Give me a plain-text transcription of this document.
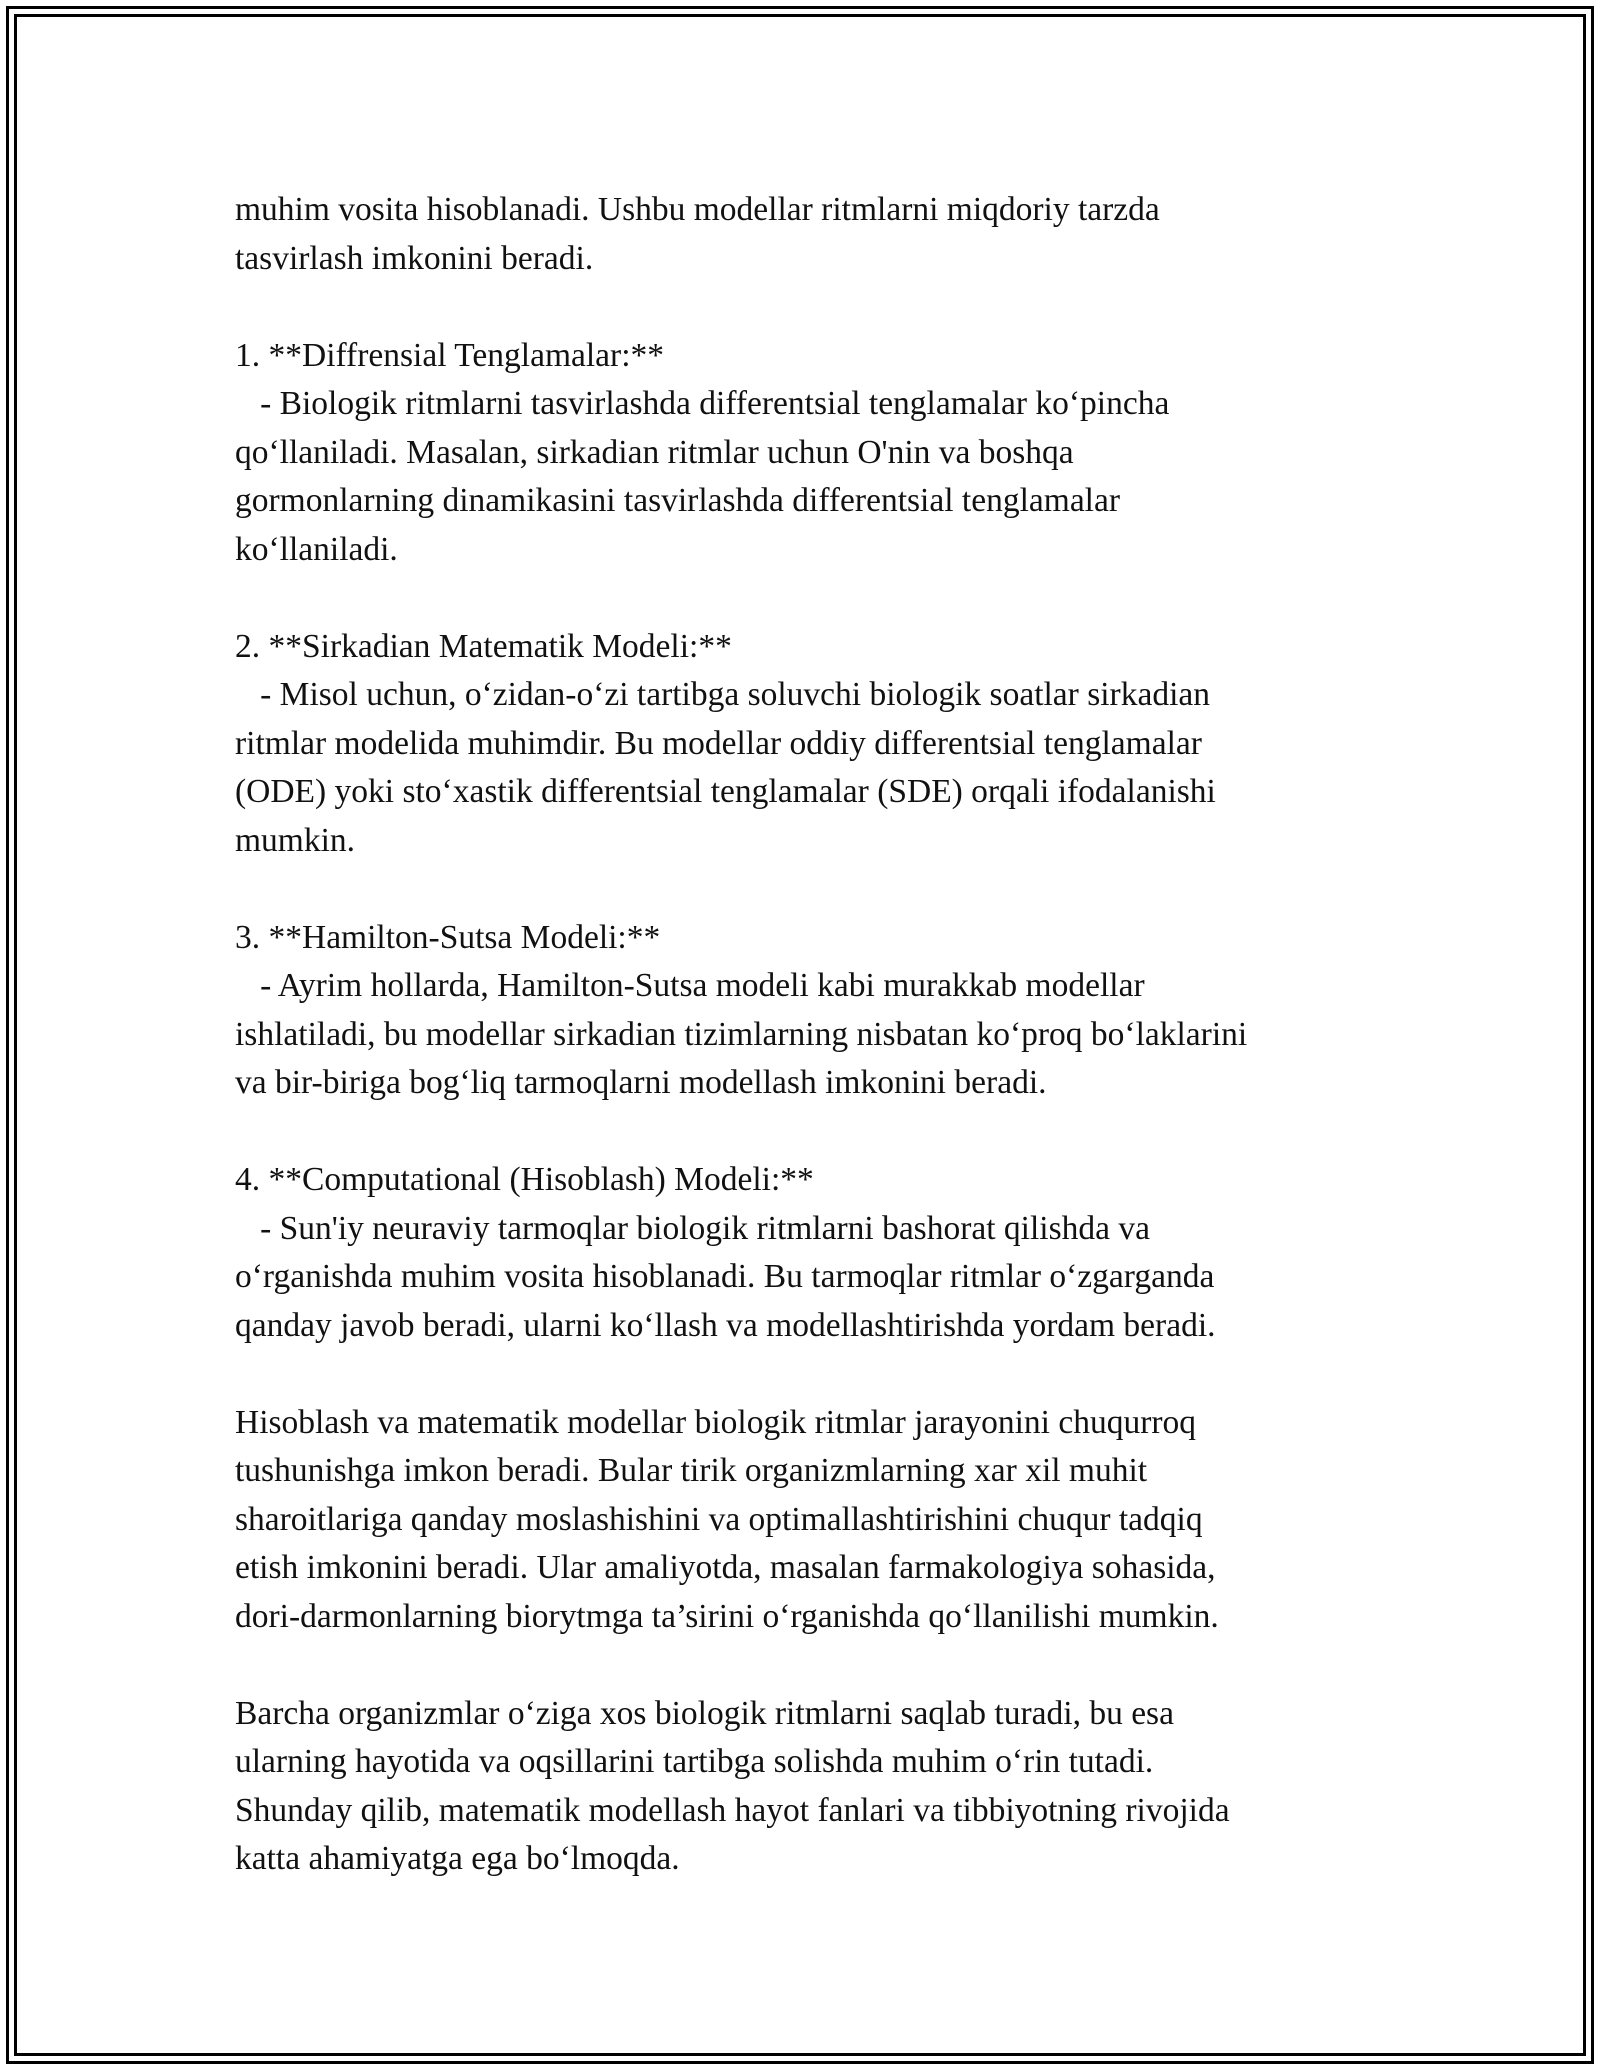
muhim vosita hisoblanadi. Ushbu modellar ritmlarni miqdoriy tarzda

tasvirlash imkonini beradi.

1. **Diffrensial Tenglamalar:**

- Biologik ritmlarni tasvirlashda differentsial tenglamalar ko‘pincha

qo‘llaniladi. Masalan, sirkadian ritmlar uchun O'nin va boshqa

gormonlarning dinamikasini tasvirlashda differentsial tenglamalar

ko‘llaniladi.

2. **Sirkadian Matematik Modeli:**

- Misol uchun, o‘zidan-o‘zi tartibga soluvchi biologik soatlar sirkadian

ritmlar modelida muhimdir. Bu modellar oddiy differentsial tenglamalar

(ODE) yoki sto‘xastik differentsial tenglamalar (SDE) orqali ifodalanishi

mumkin.

3. **Hamilton-Sutsa Modeli:**

- Ayrim hollarda, Hamilton-Sutsa modeli kabi murakkab modellar

ishlatiladi, bu modellar sirkadian tizimlarning nisbatan ko‘proq bo‘laklarini

va bir-biriga bog‘liq tarmoqlarni modellash imkonini beradi.

4. **Computational (Hisoblash) Modeli:**

- Sun'iy neuraviy tarmoqlar biologik ritmlarni bashorat qilishda va

o‘rganishda muhim vosita hisoblanadi. Bu tarmoqlar ritmlar o‘zgarganda

qanday javob beradi, ularni ko‘llash va modellashtirishda yordam beradi.

Hisoblash va matematik modellar biologik ritmlar jarayonini chuqurroq

tushunishga imkon beradi. Bular tirik organizmlarning xar xil muhit

sharoitlariga qanday moslashishini va optimallashtirishini chuqur tadqiq

etish imkonini beradi. Ular amaliyotda, masalan farmakologiya sohasida,

dori-darmonlarning biorytmga ta’sirini o‘rganishda qo‘llanilishi mumkin.

Barcha organizmlar o‘ziga xos biologik ritmlarni saqlab turadi, bu esa

ularning hayotida va oqsillarini tartibga solishda muhim o‘rin tutadi.

Shunday qilib, matematik modellash hayot fanlari va tibbiyotning rivojida

katta ahamiyatga ega bo‘lmoqda.
